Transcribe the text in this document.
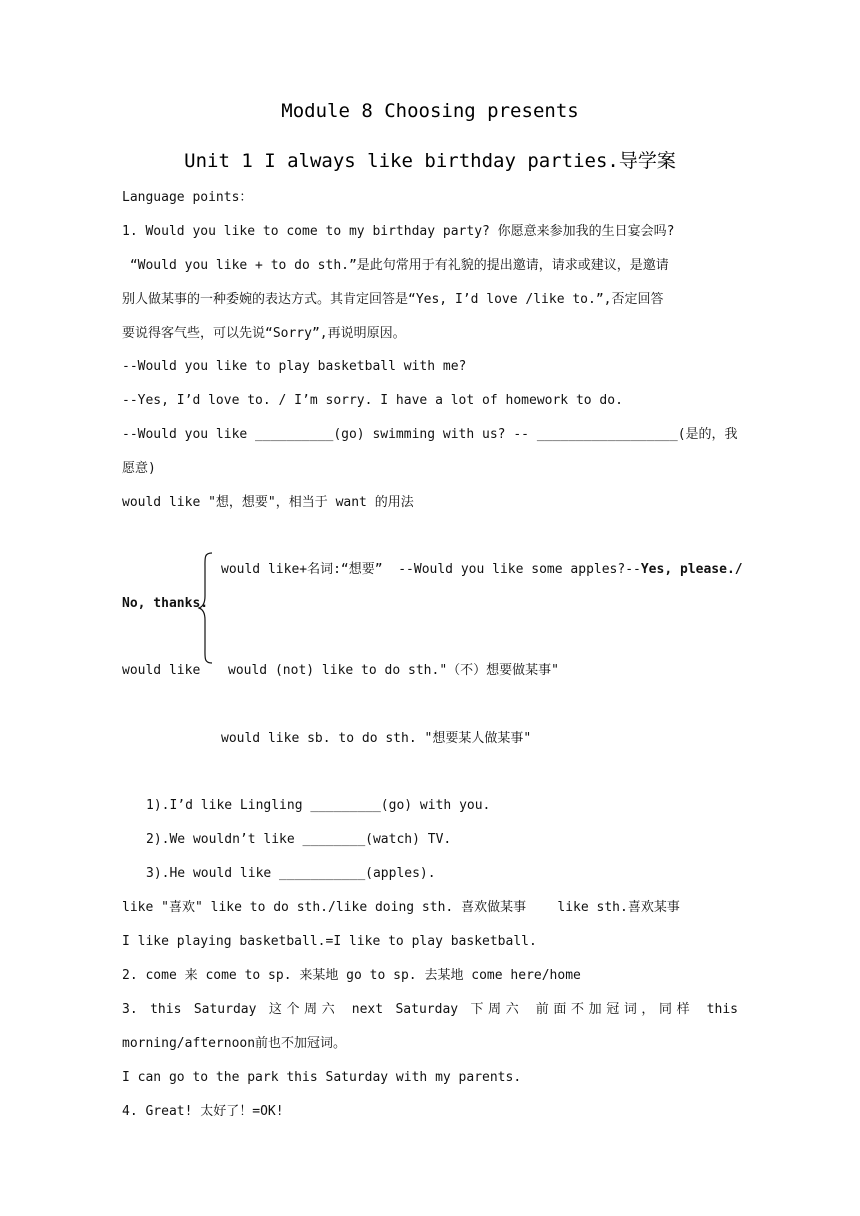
Module 8 Choosing presents
Unit 1 I always like birthday parties.导学案
Language points：
1. Would you like to come to my birthday party? 你愿意来参加我的生日宴会吗?
“Would you like + to do sth.”是此句常用于有礼貌的提出邀请，请求或建议，是邀请
别人做某事的一种委婉的表达方式。其肯定回答是“Yes, I’d love /like to.”,否定回答
要说得客气些，可以先说“Sorry”,再说明原因。
--Would you like to play basketball with me?
--Yes, I’d love to. / I’m sorry. I have a lot of homework to do.
--Would you like __________(go) swimming with us? -- __________________(是的，我
愿意)
would like "想，想要"，相当于 want 的用法
would like+名词:“想要”  --Would you like some apples?--Yes, please./
No, thanks.
would like would (not) like to do sth."（不）想要做某事"
would like sb. to do sth. "想要某人做某事"
1).I’d like Lingling _________(go) with you.
2).We wouldn’t like ________(watch) TV.
3).He would like ___________(apples).
like "喜欢" like to do sth./like doing sth. 喜欢做某事    like sth.喜欢某事
I like playing basketball.=I like to play basketball.
2. come 来 come to sp. 来某地 go to sp. 去某地 come here/home
3. this Saturday 这个周六 next Saturday 下周六 前面不加冠词，同样 this
morning/afternoon前也不加冠词。
I can go to the park this Saturday with my parents.
4. Great! 太好了！=OK!
